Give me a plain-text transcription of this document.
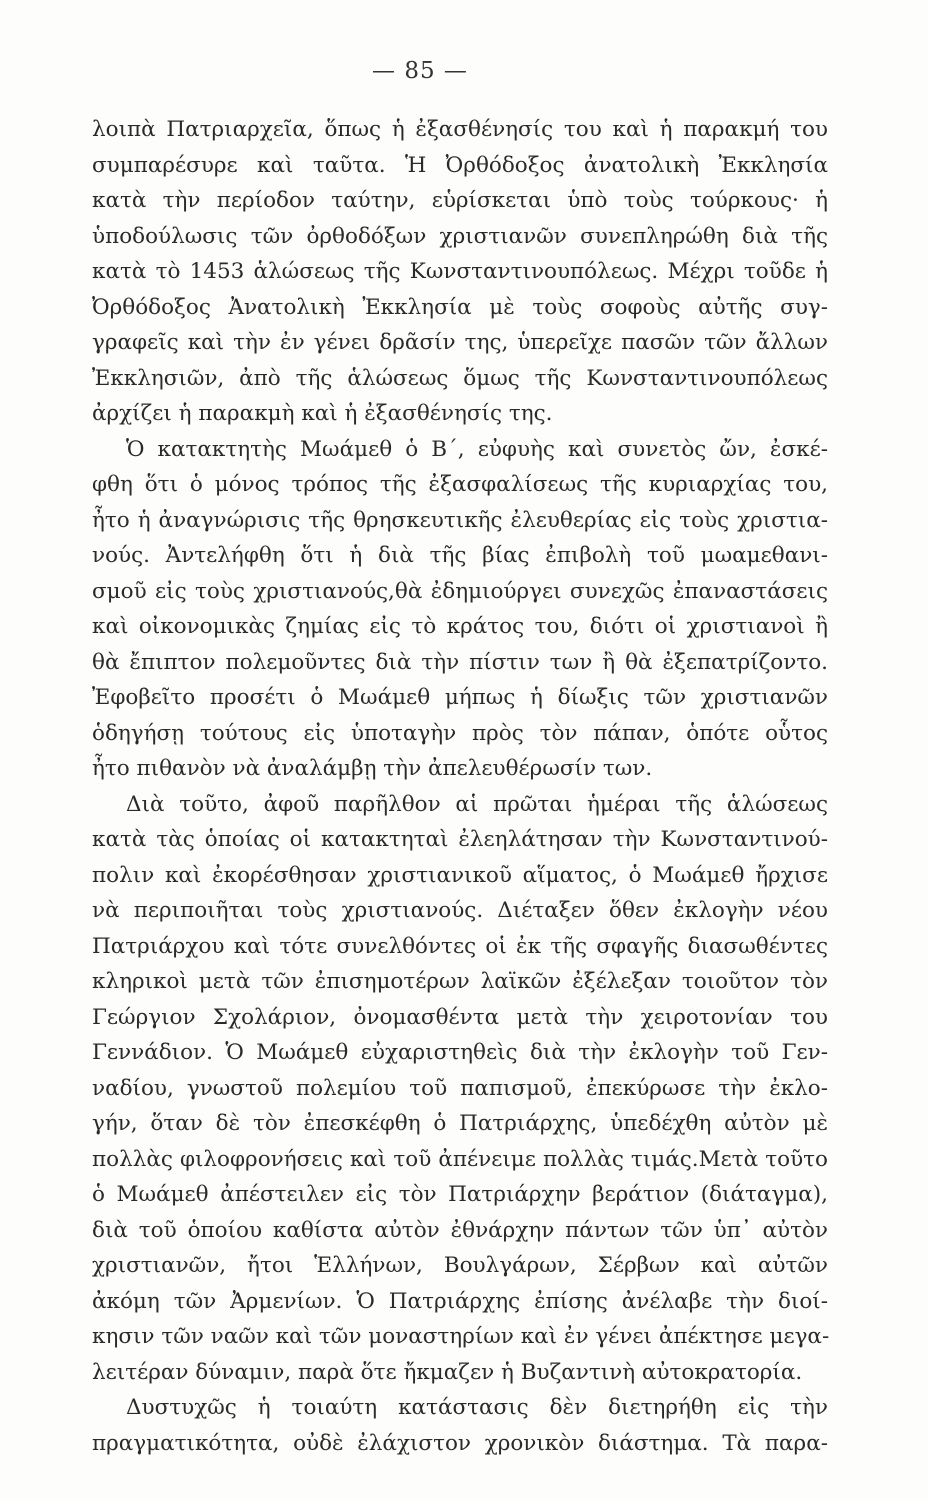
— 85 —
λοιπὰ Πατριαρχεῖα, ὅπως ἡ ἐξασθένησίς του καὶ ἡ παρακμή του
συμπαρέσυρε καὶ ταῦτα. Ἡ Ὀρθόδοξος ἀνατολικὴ Ἐκκλησία
κατὰ τὴν περίοδον ταύτην, εὑρίσκεται ὑπὸ τοὺς τούρκους· ἡ
ὑποδούλωσις τῶν ὀρθοδόξων χριστιανῶν συνεπληρώθη διὰ τῆς
κατὰ τὸ 1453 ἁλώσεως τῆς Κωνσταντινουπόλεως. Μέχρι τοῦδε ἡ
Ὀρθόδοξος Ἀνατολικὴ Ἐκκλησία μὲ τοὺς σοφοὺς αὐτῆς συγ-
γραφεῖς καὶ τὴν ἐν γένει δρᾶσίν της, ὑπερεῖχε πασῶν τῶν ἄλλων
Ἐκκλησιῶν, ἀπὸ τῆς ἁλώσεως ὅμως τῆς Κωνσταντινουπόλεως
ἀρχίζει ἡ παρακμὴ καὶ ἡ ἐξασθένησίς της.
Ὁ κατακτητὴς Μωάμεθ ὁ Β΄, εὐφυὴς καὶ συνετὸς ὤν, ἐσκέ-
φθη ὅτι ὁ μόνος τρόπος τῆς ἐξασφαλίσεως τῆς κυριαρχίας του,
ἦτο ἡ ἀναγνώρισις τῆς θρησκευτικῆς ἐλευθερίας εἰς τοὺς χριστια-
νούς. Ἀντελήφθη ὅτι ἡ διὰ τῆς βίας ἐπιβολὴ τοῦ μωαμεθανι-
σμοῦ εἰς τοὺς χριστιανούς,θὰ ἐδημιούργει συνεχῶς ἐπαναστάσεις
καὶ οἰκονομικὰς ζημίας εἰς τὸ κράτος του, διότι οἱ χριστιανοὶ ἢ
θὰ ἔπιπτον πολεμοῦντες διὰ τὴν πίστιν των ἢ θὰ ἐξεπατρίζοντο.
Ἐφοβεῖτο προσέτι ὁ Μωάμεθ μήπως ἡ δίωξις τῶν χριστιανῶν
ὁδηγήσῃ τούτους εἰς ὑποταγὴν πρὸς τὸν πάπαν, ὁπότε οὗτος
ἦτο πιθανὸν νὰ ἀναλάμβῃ τὴν ἀπελευθέρωσίν των.
Διὰ τοῦτο, ἀφοῦ παρῆλθον αἱ πρῶται ἡμέραι τῆς ἁλώσεως
κατὰ τὰς ὁποίας οἱ κατακτηταὶ ἐλεηλάτησαν τὴν Κωνσταντινού-
πολιν καὶ ἐκορέσθησαν χριστιανικοῦ αἵματος, ὁ Μωάμεθ ἤρχισε
νὰ περιποιῆται τοὺς χριστιανούς. Διέταξεν ὅθεν ἐκλογὴν νέου
Πατριάρχου καὶ τότε συνελθόντες οἱ ἐκ τῆς σφαγῆς διασωθέντες
κληρικοὶ μετὰ τῶν ἐπισημοτέρων λαϊκῶν ἐξέλεξαν τοιοῦτον τὸν
Γεώργιον Σχολάριον, ὀνομασθέντα μετὰ τὴν χειροτονίαν του
Γεννάδιον. Ὁ Μωάμεθ εὐχαριστηθεὶς διὰ τὴν ἐκλογὴν τοῦ Γεν-
ναδίου, γνωστοῦ πολεμίου τοῦ παπισμοῦ, ἐπεκύρωσε τὴν ἐκλο-
γήν, ὅταν δὲ τὸν ἐπεσκέφθη ὁ Πατριάρχης, ὑπεδέχθη αὐτὸν μὲ
πολλὰς φιλοφρονήσεις καὶ τοῦ ἀπένειμε πολλὰς τιμάς.Μετὰ τοῦτο
ὁ Μωάμεθ ἀπέστειλεν εἰς τὸν Πατριάρχην βεράτιον (διάταγμα),
διὰ τοῦ ὁποίου καθίστα αὐτὸν ἐθνάρχην πάντων τῶν ὑπ᾽ αὐτὸν
χριστιανῶν, ἤτοι Ἑλλήνων, Βουλγάρων, Σέρβων καὶ αὐτῶν
ἀκόμη τῶν Ἀρμενίων. Ὁ Πατριάρχης ἐπίσης ἀνέλαβε τὴν διοί-
κησιν τῶν ναῶν καὶ τῶν μοναστηρίων καὶ ἐν γένει ἀπέκτησε μεγα-
λειτέραν δύναμιν, παρὰ ὅτε ἤκμαζεν ἡ Βυζαντινὴ αὐτοκρατορία.
Δυστυχῶς ἡ τοιαύτη κατάστασις δὲν διετηρήθη εἰς τὴν
πραγματικότητα, οὐδὲ ἐλάχιστον χρονικὸν διάστημα. Τὰ παρα-
